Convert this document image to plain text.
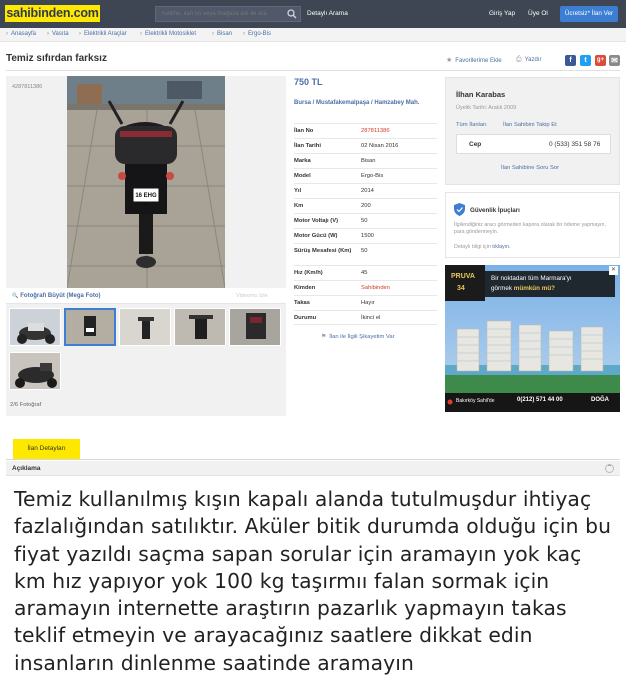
sahibinden.com
Kelime, ilan no veya mağaza adı ile ara	Detaylı Arama	Giriş Yap Üye Ol	Ücretsiz* İlan Ver
› Anasayfa	› Vasıta	› Elektrikli Araçlar	› Elektrikli Motosiklet	› Bisan	› Ergo-Bis
Temiz sıfırdan farksız	★ Favorilerime Ekle	⎙ Yazdır	f	t	g+ ✉
4287811386
16 EHG
50
🔍 Fotoğrafı Büyüt (Mega Foto)	Videomu İzle
2/6 Fotoğraf
750 TL
Bursa / Mustafakemalpaşa / Hamzabey Mah.
İlan No	287811386
İlan Tarihi	02 Nisan 2016
Marka	Bisan
Model	Ergo-Bis
Yıl	2014
Km	200
Motor Voltajı (V)	50
Motor Gücü (W)	1500
Sürüş Mesafesi (Km)	50
Hız (Km/h)	45
Kimden	Sahibinden
Takas	Hayır
Durumu	İkinci el
⚑ İlan ile İlgili Şikayetim Var
İlhan Karabas
Üyelik Tarihi: Aralık 2009
Tüm İlanları	İlan Sahibini Takip Et
Cep	0 (533) 351 58 76
İlan Sahibine Soru Sor
Güvenlik İpuçları
İlgilendiğiniz aracı görmeden kapora olarak bir ödeme yapmayın, para göndermeyin.
Detaylı bilgi için tıklayın.
PRUVA
34
Bir noktadan tüm Marmara'yı
görmek mümkün mü?
Bakırköy Sahil'de	0(212) 571 44 00	DOĞA
✕
İlan Detayları
Açıklama	⌃
Temiz kullanılmış kışın kapalı alanda tutulmuşdur ihtiyaç fazlalığından satılıktır. Aküler bitik durumda olduğu için bu fiyat yazıldı saçma sapan sorular için aramayın yok kaç km hız yapıyor yok 100 kg taşırmıı falan sormak için aramayın internette araştırın pazarlık yapmayın takas teklif etmeyin ve arayacağınız saatlere dikkat edin insanların dinlenme saatinde aramayın
